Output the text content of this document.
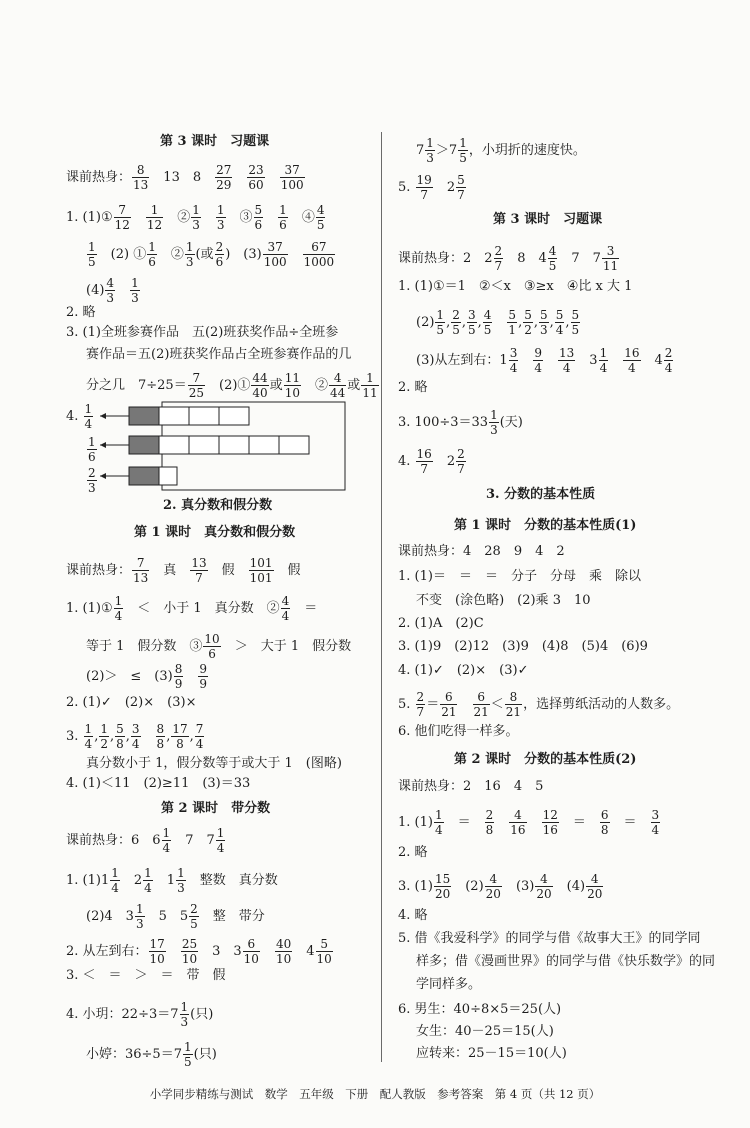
第 3 课时　习题课
课前热身： $\frac{8}{13}$ 　13　8　 $\frac{27}{29}$
　 $\frac{23}{60}$
　 $\frac{37}{100}$
1. (1)① $\frac{7}{12}$
　 $\frac{1}{12}$ 　② $\frac{1}{3}$
　 $\frac{1}{3}$ 　③ $\frac{5}{6}$
　 $\frac{1}{6}$ 　④ $\frac{4}{5}$
$\frac{1}{5}$ 　(2) ① $\frac{1}{6}$ 　② $\frac{1}{3}$ (或 $\frac{2}{6}$ )　$(3) \frac{37}{100}$
　 $\frac{67}{1000}$
$(4) \frac{4}{3}$
　 $\frac{1}{3}$
2. 略
3. (1)全班参赛作品　五(2)班获奖作品÷全班参
赛作品＝五(2)班获奖作品占全班参赛作品的几
分之几　$7\div 25= \frac{7}{25}$ 　(2)① $\frac{44}{40}$ 或 $\frac{11}{10}$ 　② $\frac{4}{44}$ 或 $\frac{1}{11}$
4. $\frac{1}{4}$
$\frac{1}{6}$
$\frac{2}{3}$
2. 真分数和假分数
第 1 课时　真分数和假分数
课前热身： $\frac{7}{13}$ 　真　 $\frac{13}{7}$ 　假　 $\frac{101}{101}$ 　假
1. (1)① $\frac{1}{4}$ 　＜　小于 1　真分数　② $\frac{4}{4}$ 　＝
等于 1　假分数　③ $\frac{10}{6}$ 　＞　大于 1　假分数
(2)＞　≤　$(3) \frac{8}{9}$
　 $\frac{9}{9}$
2. (1)✓　(2)×　(3)×
3. $\frac{1}{4}$ , $\frac{1}{2}$ , $\frac{5}{8}$ , $\frac{3}{4}$
　 $\frac{8}{8}$ , $\frac{17}{8}$ , $\frac{7}{4}$
真分数小于 1，假分数等于或大于 1　(图略)
4. (1)＜11　(2)≥11　(3)＝33
第 2 课时　带分数
课前热身：6　$6 \frac{1}{4}$ 　7　$7 \frac{1}{4}$
1. $(1)1 \frac{1}{4}$ 　$2 \frac{1}{4}$ 　$1 \frac{1}{3}$ 　整数　真分数
(2)4　$3 \frac{1}{3}$ 　5　$5 \frac{2}{5}$ 　整　带分
2. 从左到右： $\frac{17}{10}$
　 $\frac{25}{10}$ 　3　$3 \frac{6}{10}$
　 $\frac{40}{10}$ 　$4 \frac{5}{10}$
3. ＜　＝　＞　＝　带　假
4. 小玥：$22\div 3=7 \frac{1}{3}$ (只)
小婷：$36\div 5=7 \frac{1}{5}$ (只)
$7 \frac{1}{3} >7 \frac{1}{5}$ ，小玥折的速度快。
5. $\frac{19}{7}$ 　$2 \frac{5}{7}$
第 3 课时　习题课
课前热身：2　$2 \frac{2}{7}$ 　8　$4 \frac{4}{5}$ 　7　$7 \frac{3}{11}$
1. (1)①＝1　②＜x　③≥x　④比 x 大 1
$(2) \frac{1}{5}$ , $\frac{2}{5}$ , $\frac{3}{5}$ , $\frac{4}{5}$
　 $\frac{5}{1}$ , $\frac{5}{2}$ , $\frac{5}{3}$ , $\frac{5}{4}$ , $\frac{5}{5}$
(3)从左到右：$1 \frac{3}{4}$
　 $\frac{9}{4}$
　 $\frac{13}{4}$ 　$3 \frac{1}{4}$
　 $\frac{16}{4}$ 　$4 \frac{2}{4}$
2. 略
3. $100\div 3=33 \frac{1}{3}$ (天)
4. $\frac{16}{7}$ 　$2 \frac{2}{7}$
3. 分数的基本性质
第 1 课时　分数的基本性质(1)
课前热身：4　28　9　4　2
1. (1)＝　＝　＝　分子　分母　乘　除以
不变　(涂色略)　(2)乘 3　10
2. (1)A　(2)C
3. (1)9　(2)12　(3)9　(4)8　(5)4　(6)9
4. (1)✓　(2)×　(3)✓
5. $\frac{2}{7} = \frac{6}{21}$
　 $\frac{6}{21} < \frac{8}{21}$ ，选择剪纸活动的人数多。
6. 他们吃得一样多。
第 2 课时　分数的基本性质(2)
课前热身：2　16　4　5
1. $(1) \frac{1}{4}$ 　＝　 $\frac{2}{8}$
　 $\frac{4}{16}$
　 $\frac{12}{16}$ 　＝　 $\frac{6}{8}$ 　＝　 $\frac{3}{4}$
2. 略
3. $(1) \frac{15}{20}$ 　$(2) \frac{4}{20}$ 　$(3) \frac{4}{20}$ 　$(4) \frac{4}{20}$
4. 略
5. 借《我爱科学》的同学与借《故事大王》的同学同
样多；借《漫画世界》的同学与借《快乐数学》的同
学同样多。
6. 男生：40÷8×5＝25(人)
女生：40－25＝15(人)
应转来：25－15＝10(人)
小学同步精练与测试　数学　五年级　下册　配人教版　参考答案　第 4 页（共 12 页）
